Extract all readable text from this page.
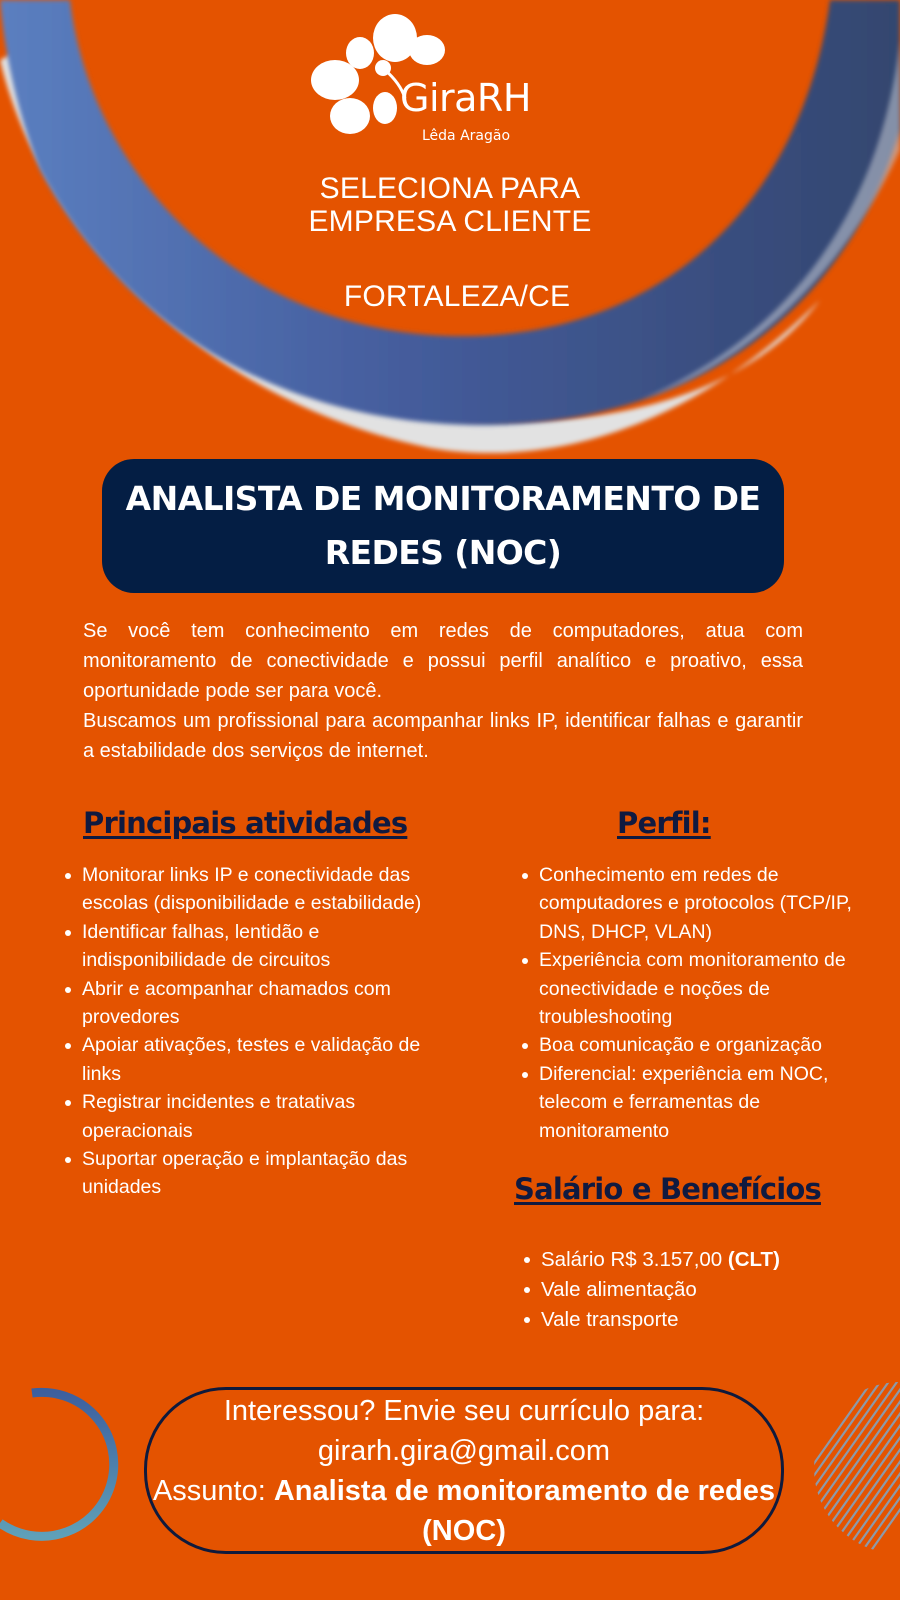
GiraRH
Lêda Aragão
SELECIONA PARA
EMPRESA CLIENTE
FORTALEZA/CE
ANALISTA DE MONITORAMENTO DE REDES (NOC)

Se você tem conhecimento em redes de computadores, atua com monitoramento de conectividade e possui perfil analítico e proativo, essa oportunidade pode ser para você.

Buscamos um profissional para acompanhar links IP, identificar falhas e garantir a estabilidade dos serviços de internet.

Principais atividades
Monitorar links IP e conectividade das escolas (disponibilidade e estabilidade)
Identificar falhas, lentidão e indisponibilidade de circuitos
Abrir e acompanhar chamados com provedores
Apoiar ativações, testes e validação de links
Registrar incidentes e tratativas operacionais
Suportar operação e implantação das unidades
Perfil:
Conhecimento em redes de computadores e protocolos (TCP/IP, DNS, DHCP, VLAN)
Experiência com monitoramento de conectividade e noções de troubleshooting
Boa comunicação e organização
Diferencial: experiência em NOC, telecom e ferramentas de monitoramento
Salário e Benefícios
Salário R$ 3.157,00 (CLT)
Vale alimentação
Vale transporte
Interessou? Envie seu currículo para:
girarh.gira@gmail.com
Assunto: Analista de monitoramento de redes (NOC)
